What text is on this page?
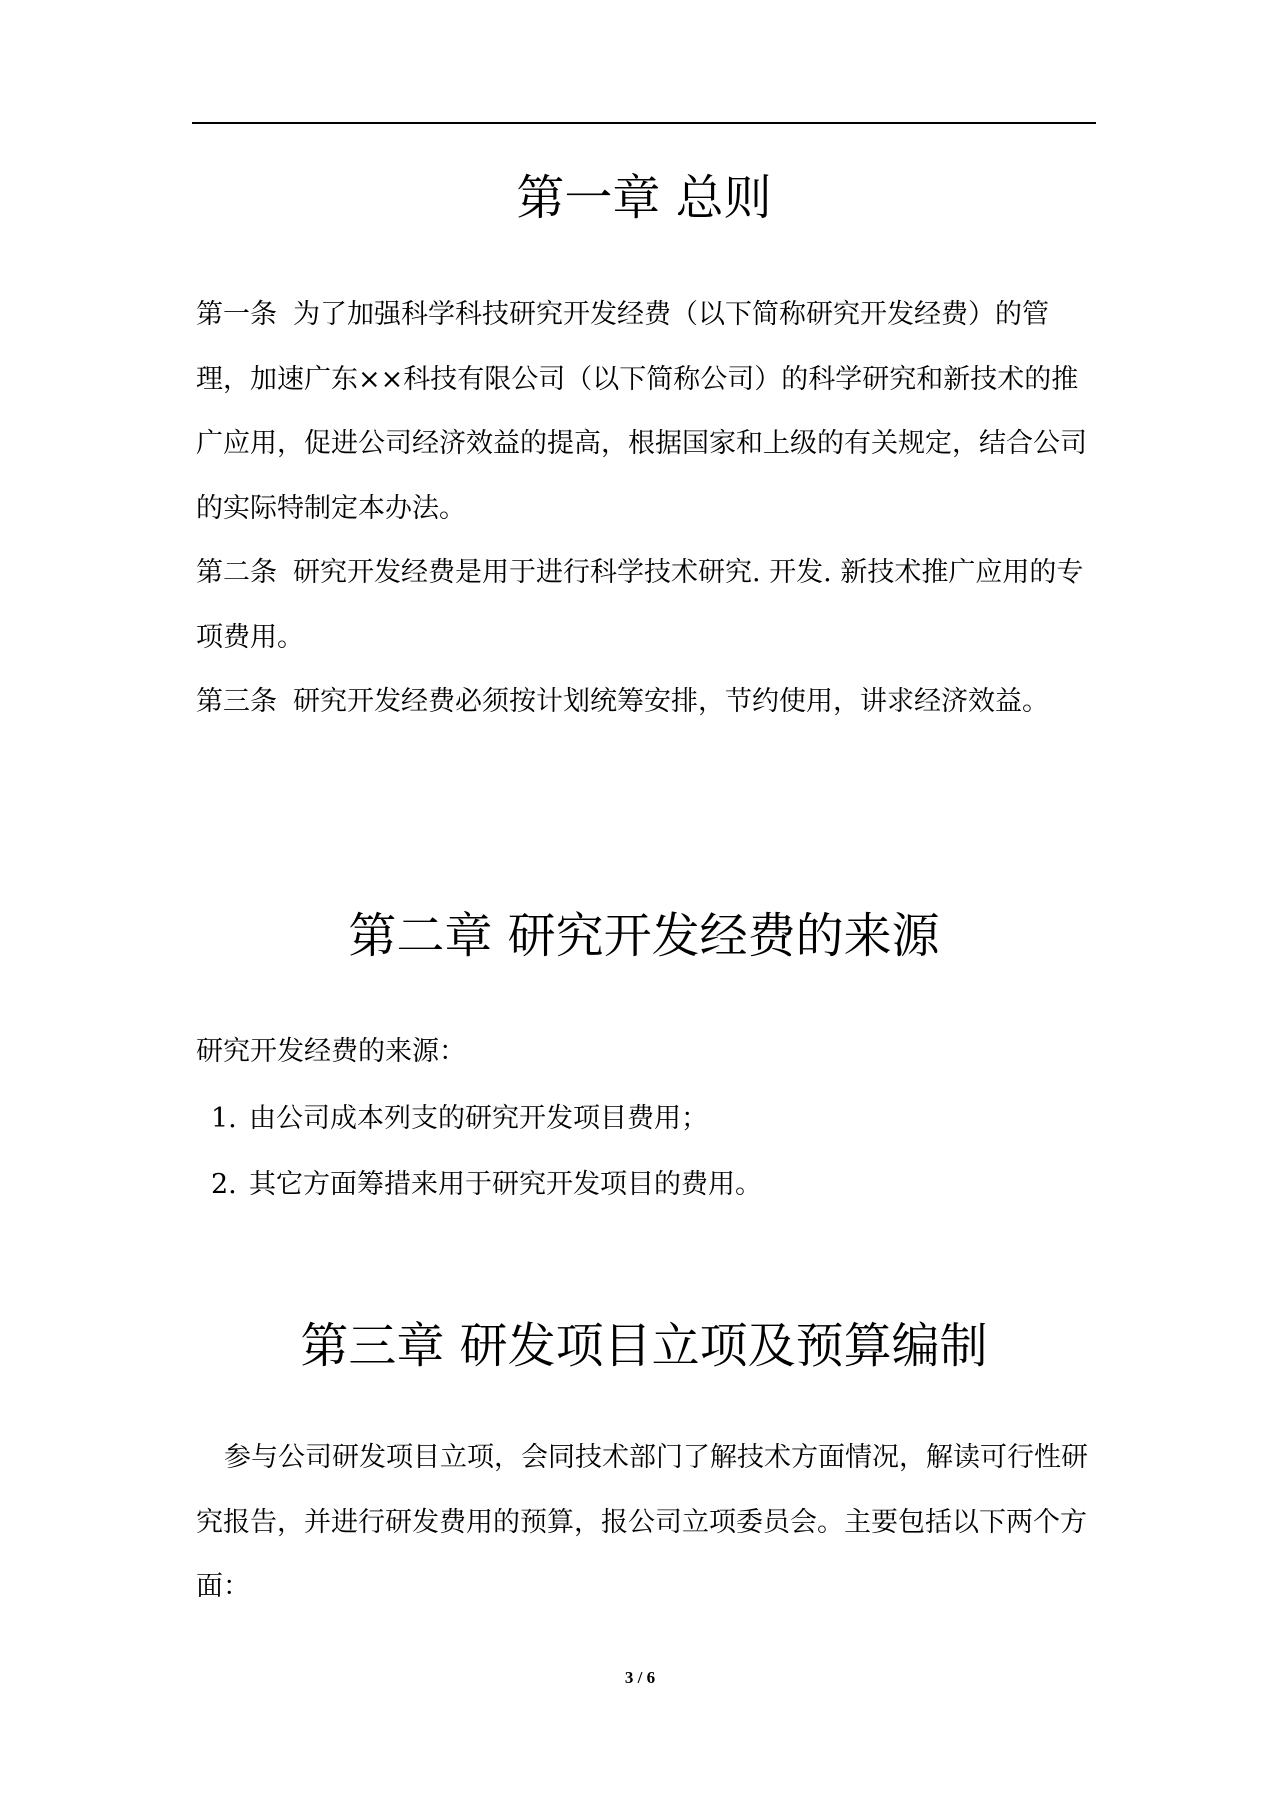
第一章 总则

第一条 为了加强科学科技研究开发经费（以下简称研究开发经费）的管理，加速广东××科技有限公司（以下简称公司）的科学研究和新技术的推广应用，促进公司经济效益的提高，根据国家和上级的有关规定，结合公司的实际特制定本办法。

第二条 研究开发经费是用于进行科学技术研究. 开发. 新技术推广应用的专项费用。

第三条 研究开发经费必须按计划统筹安排，节约使用，讲求经济效益。

第二章 研究开发经费的来源

研究开发经费的来源：

1. 由公司成本列支的研究开发项目费用；

2. 其它方面筹措来用于研究开发项目的费用。

第三章 研发项目立项及预算编制

参与公司研发项目立项，会同技术部门了解技术方面情况，解读可行性研究报告，并进行研发费用的预算，报公司立项委员会。主要包括以下两个方面：

3 / 6
